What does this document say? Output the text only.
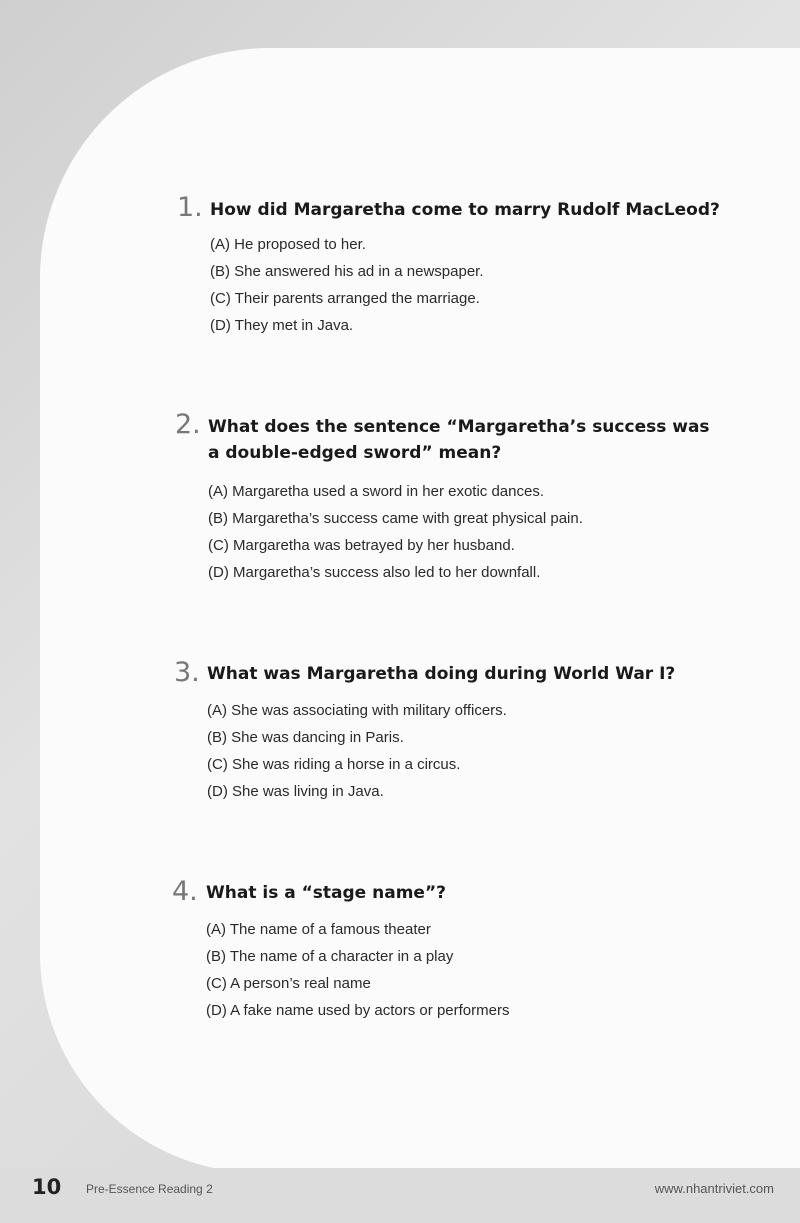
1. How did Margaretha come to marry Rudolf MacLeod?
(A) He proposed to her.
(B) She answered his ad in a newspaper.
(C) Their parents arranged the marriage.
(D) They met in Java.
2. What does the sentence “Margaretha’s success was
a double-edged sword” mean?
(A) Margaretha used a sword in her exotic dances.
(B) Margaretha’s success came with great physical pain.
(C) Margaretha was betrayed by her husband.
(D) Margaretha’s success also led to her downfall.
3. What was Margaretha doing during World War I?
(A) She was associating with military officers.
(B) She was dancing in Paris.
(C) She was riding a horse in a circus.
(D) She was living in Java.
4. What is a “stage name”?
(A) The name of a famous theater
(B) The name of a character in a play
(C) A person’s real name
(D) A fake name used by actors or performers
10 Pre-Essence Reading 2	www.nhantriviet.com
